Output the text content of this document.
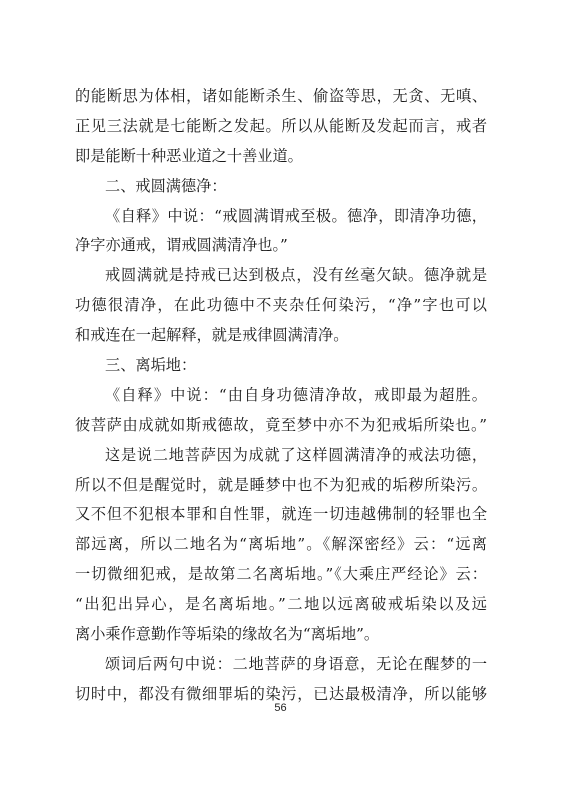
的能断思为体相，诸如能断杀生、偷盗等思，无贪、无嗔、
正见三法就是七能断之发起。所以从能断及发起而言，戒者
即是能断十种恶业道之十善业道。
二、戒圆满德净：
《自释》中说：“戒圆满谓戒至极。德净，即清净功德，
净字亦通戒，谓戒圆满清净也。”
戒圆满就是持戒已达到极点，没有丝毫欠缺。德净就是
功德很清净，在此功德中不夹杂任何染污，“净”字也可以
和戒连在一起解释，就是戒律圆满清净。
三、离垢地：
《自释》中说：“由自身功德清净故，戒即最为超胜。
彼菩萨由成就如斯戒德故，竟至梦中亦不为犯戒垢所染也。”
这是说二地菩萨因为成就了这样圆满清净的戒法功德，
所以不但是醒觉时，就是睡梦中也不为犯戒的垢秽所染污。
又不但不犯根本罪和自性罪，就连一切违越佛制的轻罪也全
部远离，所以二地名为“离垢地”。《解深密经》云：“远离
一切微细犯戒，是故第二名离垢地。”《大乘庄严经论》云：
“出犯出异心，是名离垢地。”二地以远离破戒垢染以及远
离小乘作意勤作等垢染的缘故名为“离垢地”。
颂词后两句中说：二地菩萨的身语意，无论在醒梦的一
切时中，都没有微细罪垢的染污，已达最极清净，所以能够
56
